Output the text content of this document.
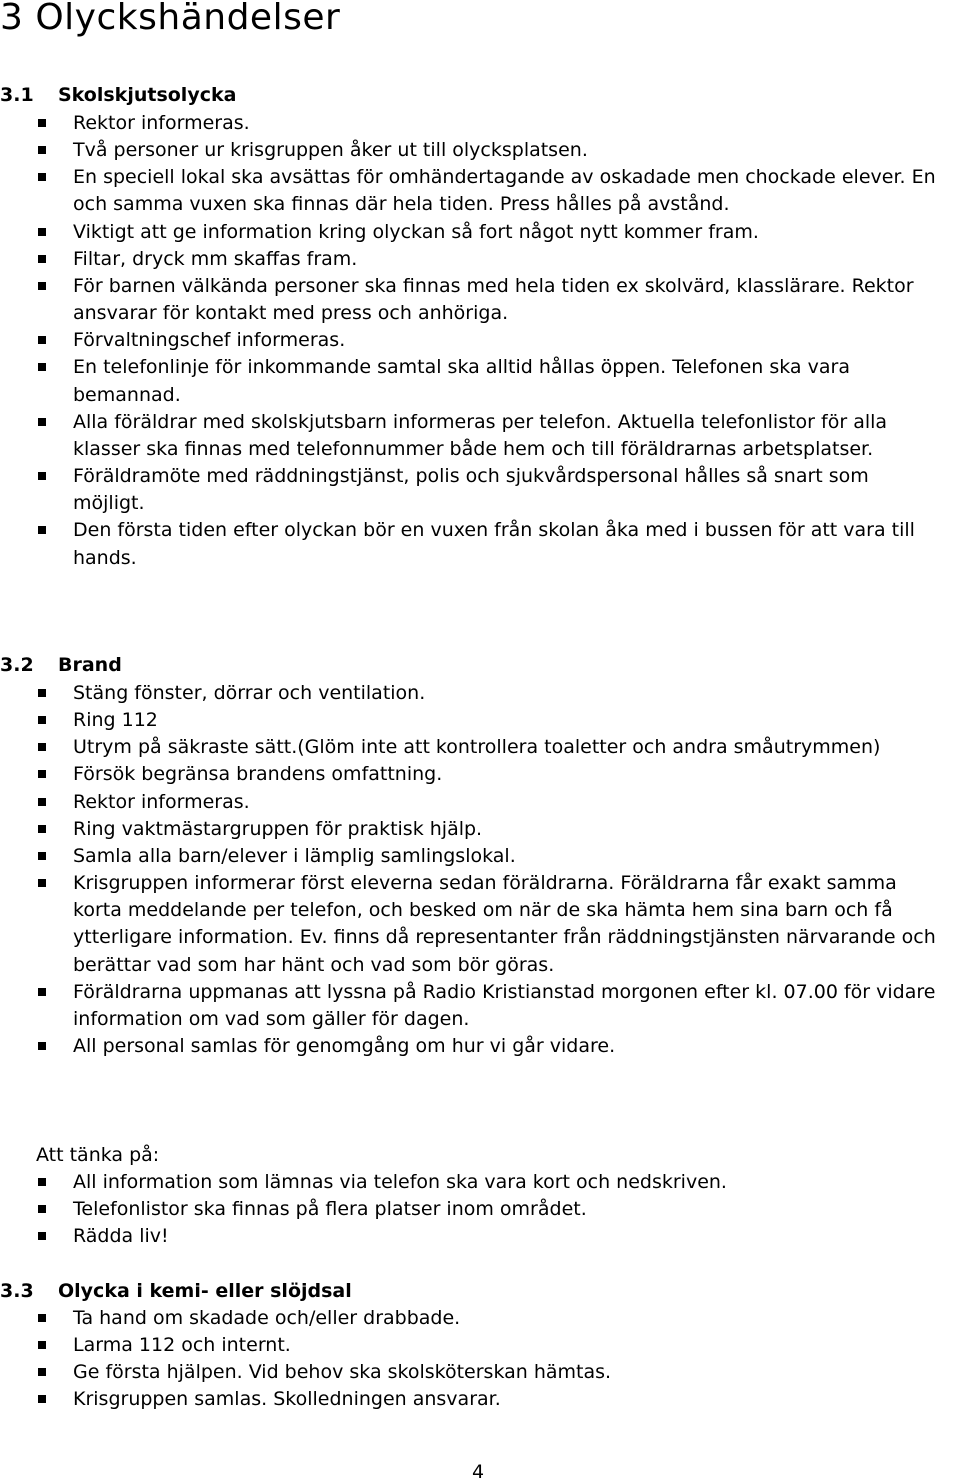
3 Olyckshändelser
3.1 Skolskjutsolycka
Rektor informeras.
Två personer ur krisgruppen åker ut till olycksplatsen.
En speciell lokal ska avsättas för omhändertagande av oskadade men chockade elever. En och samma vuxen ska finnas där hela tiden. Press hålles på avstånd.
Viktigt att ge information kring olyckan så fort något nytt kommer fram.
Filtar, dryck mm skaffas fram.
För barnen välkända personer ska finnas med hela tiden ex skolvärd, klasslärare. Rektor ansvarar för kontakt med press och anhöriga.
Förvaltningschef informeras.
En telefonlinje för inkommande samtal ska alltid hållas öppen. Telefonen ska vara bemannad.
Alla föräldrar med skolskjutsbarn informeras per telefon. Aktuella telefonlistor för alla klasser ska finnas med telefonnummer både hem och till föräldrarnas arbetsplatser.
Föräldramöte med räddningstjänst, polis och sjukvårdspersonal hålles så snart som möjligt.
Den första tiden efter olyckan bör en vuxen från skolan åka med i bussen för att vara till hands.
3.2 Brand
Stäng fönster, dörrar och ventilation.
Ring 112
Utrym på säkraste sätt.(Glöm inte att kontrollera toaletter och andra småutrymmen)
Försök begränsa brandens omfattning.
Rektor informeras.
Ring vaktmästargruppen för praktisk hjälp.
Samla alla barn/elever i lämplig samlingslokal.
Krisgruppen informerar först eleverna sedan föräldrarna. Föräldrarna får exakt samma korta meddelande per telefon, och besked om när de ska hämta hem sina barn och få ytterligare information. Ev. finns då representanter från räddningstjänsten närvarande och berättar vad som har hänt och vad som bör göras.
Föräldrarna uppmanas att lyssna på Radio Kristianstad morgonen efter kl. 07.00 för vidare information om vad som gäller för dagen.
All personal samlas för genomgång om hur vi går vidare.
Att tänka på:
All information som lämnas via telefon ska vara kort och nedskriven.
Telefonlistor ska finnas på flera platser inom området.
Rädda liv!
3.3 Olycka i kemi- eller slöjdsal
Ta hand om skadade och/eller drabbade.
Larma 112 och internt.
Ge första hjälpen. Vid behov ska skolsköterskan hämtas.
Krisgruppen samlas. Skolledningen ansvarar.
4
